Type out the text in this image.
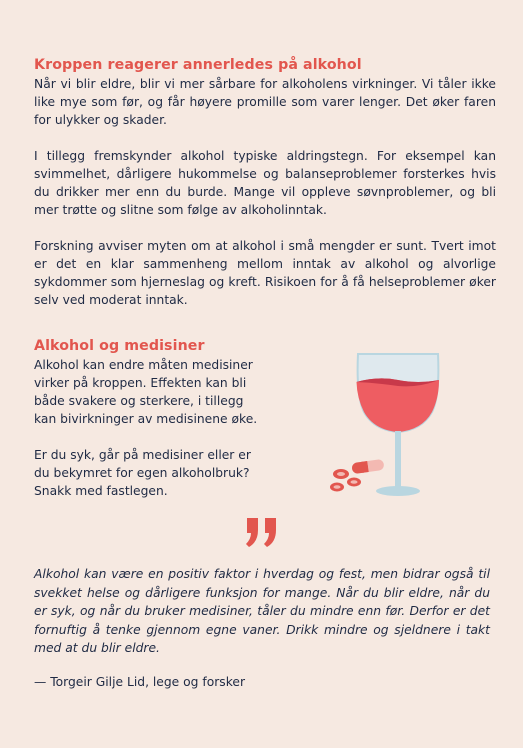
Kroppen reagerer annerledes på alkohol

Når vi blir eldre, blir vi mer sårbare for alkoholens virkninger. Vi tåler ikke like mye som før, og får høyere promille som varer lenger. Det øker faren for ulykker og skader.

I tillegg fremskynder alkohol typiske aldringstegn. For eksempel kan svimmelhet, dårligere hukommelse og balanseproblemer forsterkes hvis du drikker mer enn du burde. Mange vil oppleve søvnproblemer, og bli mer trøtte og slitne som følge av alkoholinntak.

Forskning avviser myten om at alkohol i små mengder er sunt. Tvert imot er det en klar sammenheng mellom inntak av alkohol og alvorlige sykdommer som hjerneslag og kreft. Risikoen for å få helseproblemer øker selv ved moderat inntak.

Alkohol og medisiner

Alkohol kan endre måten medisiner virker på kroppen. Effekten kan bli både svakere og sterkere, i tillegg kan bivirkninger av medisinene øke.

Er du syk, går på medisiner eller er du bekymret for egen alkoholbruk? Snakk med fastlegen.

Alkohol kan være en positiv faktor i hverdag og fest, men bidrar også til svekket helse og dårligere funksjon for mange. Når du blir eldre, når du er syk, og når du bruker medisiner, tåler du mindre enn før. Derfor er det fornuftig å tenke gjennom egne vaner. Drikk mindre og sjeldnere i takt med at du blir eldre.

— Torgeir Gilje Lid, lege og forsker
